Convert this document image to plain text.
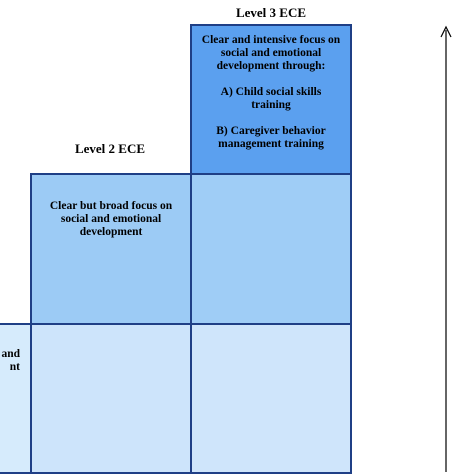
and
nt
Level 2 ECE

Clear but broad focus on

social and emotional

development

Level 3 ECE

Clear and intensive focus on

social and emotional

development through:

A) Child social skills

training

B) Caregiver behavior

management training
